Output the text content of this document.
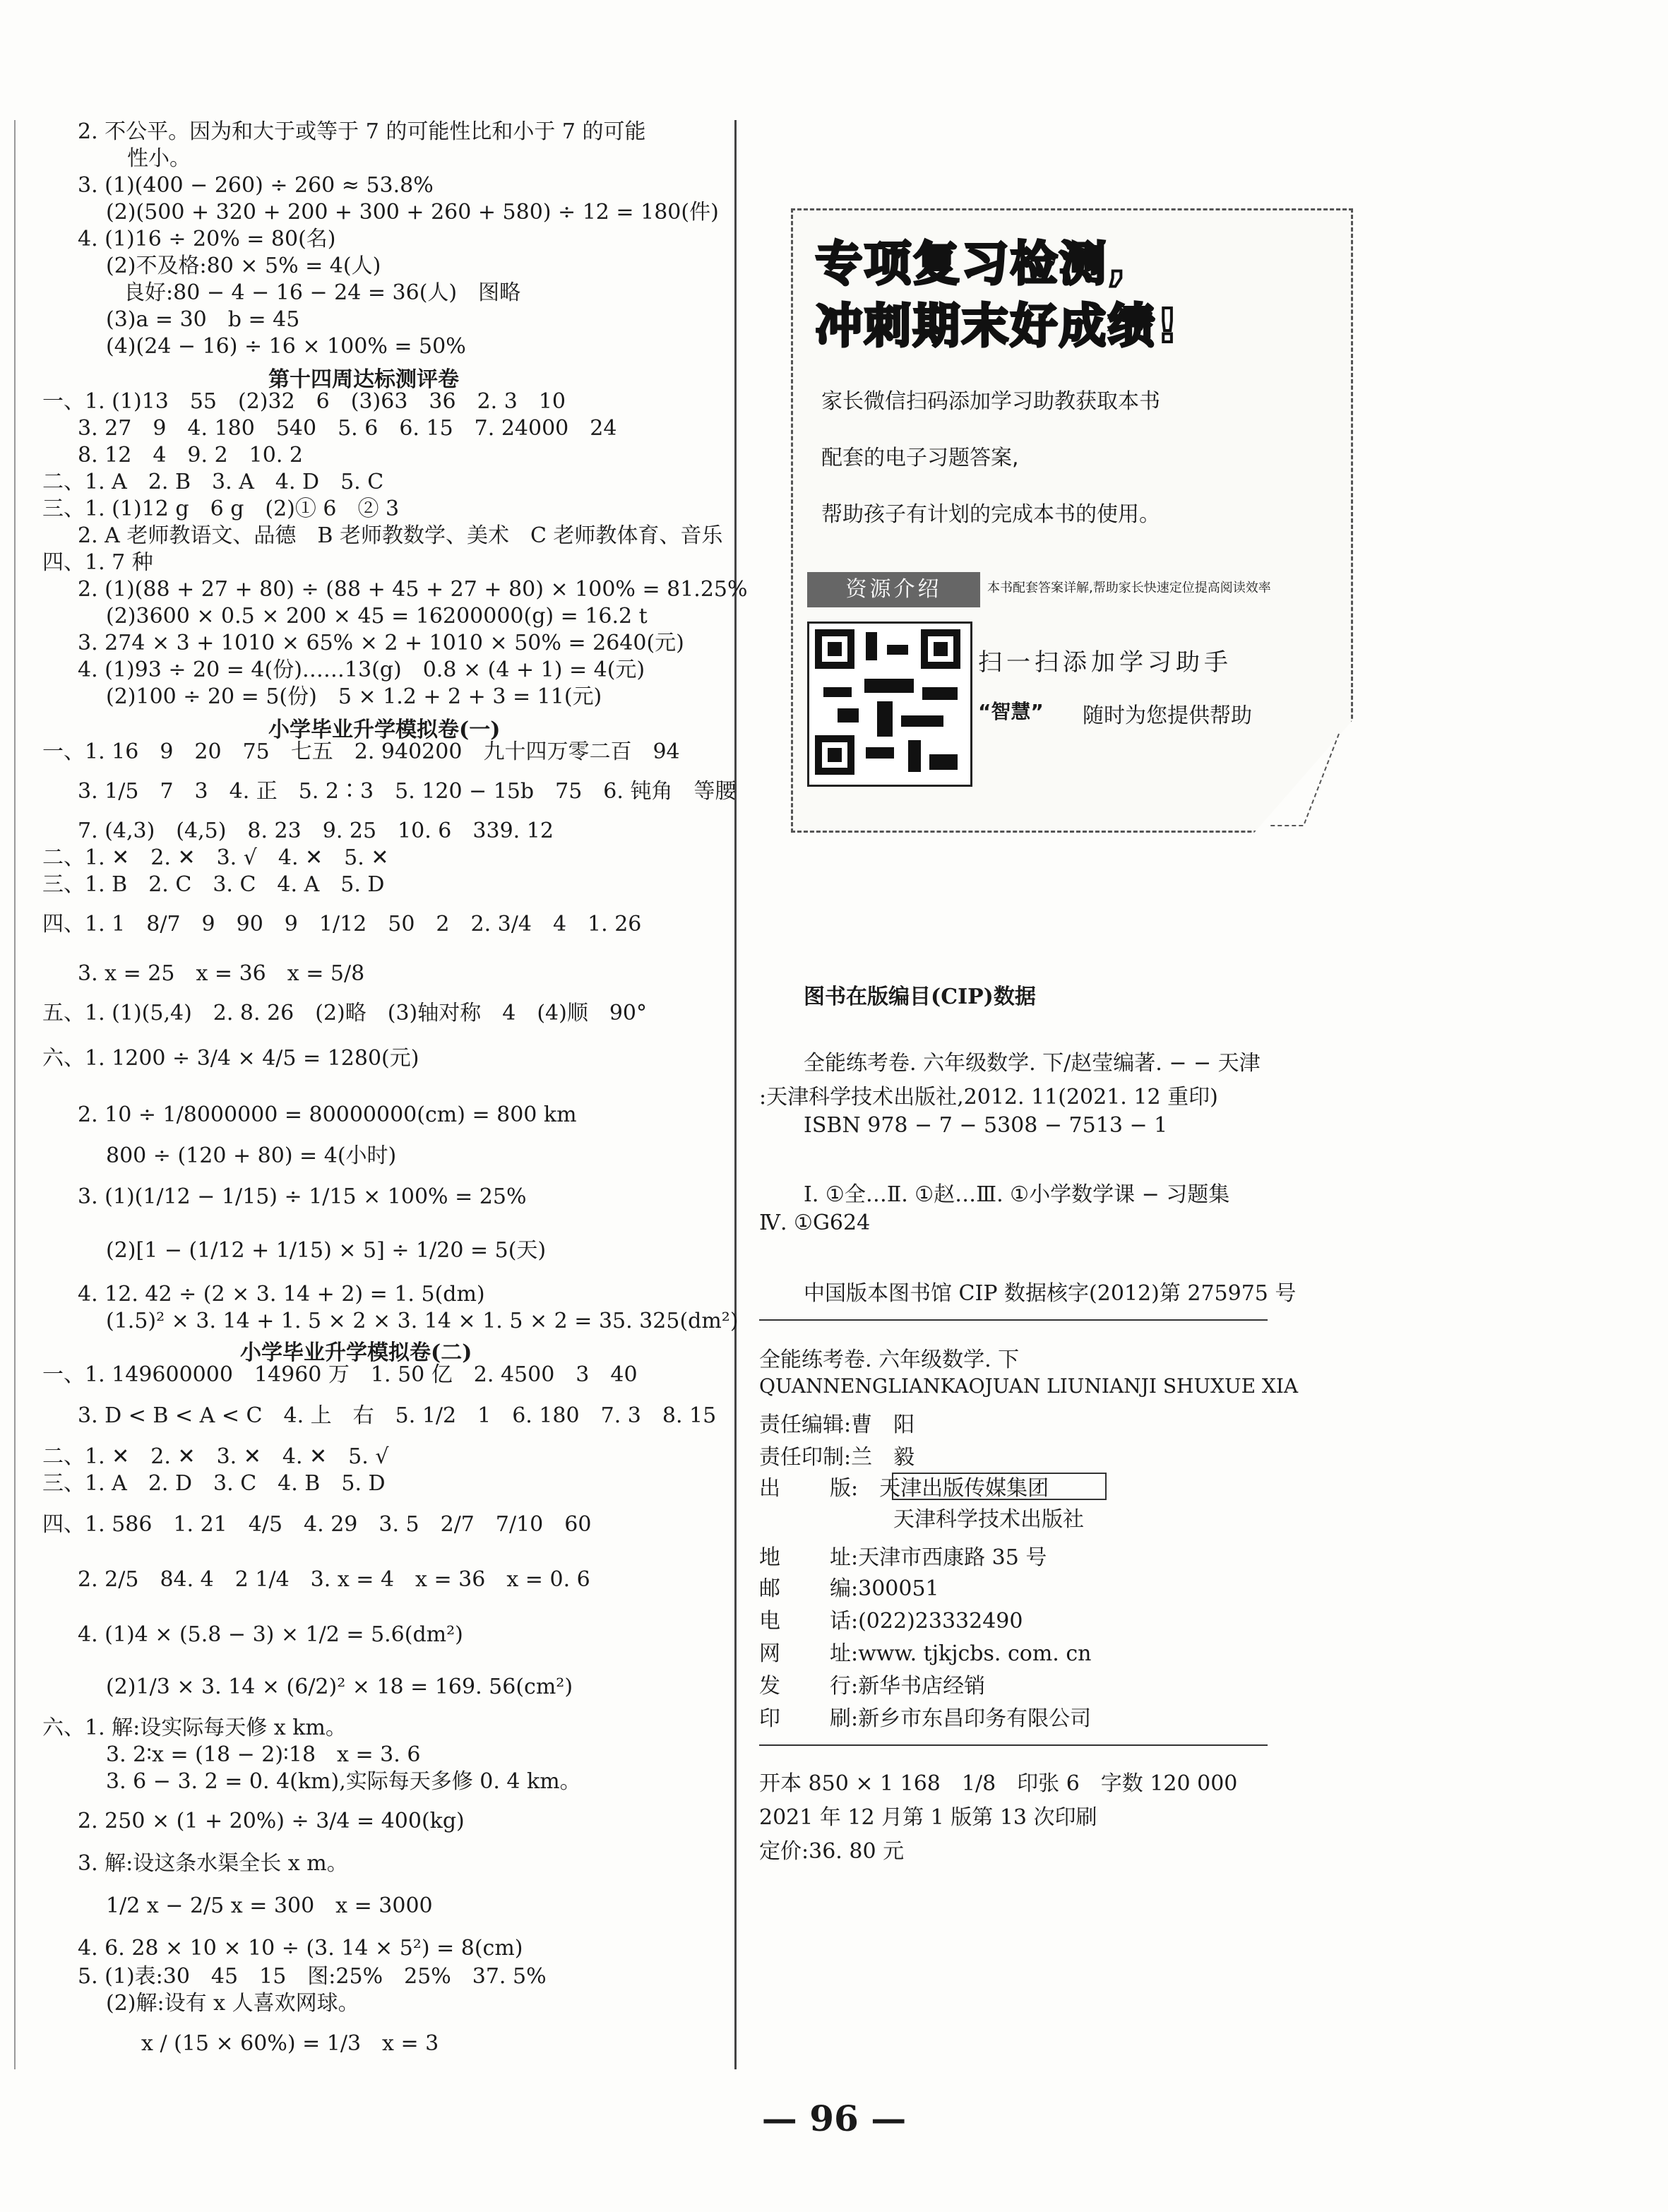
2. 不公平。因为和大于或等于 7 的可能性比和小于 7 的可能
性小。
3. (1)(400 − 260) ÷ 260 ≈ 53.8%
(2)(500 + 320 + 200 + 300 + 260 + 580) ÷ 12 = 180(件)
4. (1)16 ÷ 20% = 80(名)
(2)不及格:80 × 5% = 4(人)
良好:80 − 4 − 16 − 24 = 36(人)　图略
(3)a = 30　b = 45
(4)(24 − 16) ÷ 16 × 100% = 50%
第十四周达标测评卷
一、1. (1)13　55　(2)32　6　(3)63　36　2. 3　10
3. 27　9　4. 180　540　5. 6　6. 15　7. 24000　24
8. 12　4　9. 2　10. 2
二、1. A　2. B　3. A　4. D　5. C
三、1. (1)12 g　6 g　(2)① 6　② 3
2. A 老师教语文、品德　B 老师教数学、美术　C 老师教体育、音乐
四、1. 7 种
2. (1)(88 + 27 + 80) ÷ (88 + 45 + 27 + 80) × 100% = 81.25%
(2)3600 × 0.5 × 200 × 45 = 16200000(g) = 16.2 t
3. 274 × 3 + 1010 × 65% × 2 + 1010 × 50% = 2640(元)
4. (1)93 ÷ 20 = 4(份)……13(g)　0.8 × (4 + 1) = 4(元)
(2)100 ÷ 20 = 5(份)　5 × 1.2 + 2 + 3 = 11(元)
小学毕业升学模拟卷(一)
一、1. 16　9　20　75　七五　2. 940200　九十四万零二百　94
3. 1/5　7　3　4. 正　5. 2∶3　5. 120 − 15b　75　6. 钝角　等腰
7. (4,3)　(4,5)　8. 23　9. 25　10. 6　339. 12
二、1. ✕　2. ✕　3. √　4. ✕　5. ✕
三、1. B　2. C　3. C　4. A　5. D
四、1. 1　8/7　9　90　9　1/12　50　2　2. 3/4　4　1. 26
3. x = 25　x = 36　x = 5/8
五、1. (1)(5,4)　2. 8. 26　(2)略　(3)轴对称　4　(4)顺　90°
六、1. 1200 ÷ 3/4 × 4/5 = 1280(元)
2. 10 ÷ 1/8000000 = 80000000(cm) = 800 km
800 ÷ (120 + 80) = 4(小时)
3. (1)(1/12 − 1/15) ÷ 1/15 × 100% = 25%
(2)[1 − (1/12 + 1/15) × 5] ÷ 1/20 = 5(天)
4. 12. 42 ÷ (2 × 3. 14 + 2) = 1. 5(dm)
(1.5)² × 3. 14 + 1. 5 × 2 × 3. 14 × 1. 5 × 2 = 35. 325(dm²)
小学毕业升学模拟卷(二)
一、1. 149600000　14960 万　1. 50 亿　2. 4500　3　40
3. D < B < A < C　4. 上　右　5. 1/2　1　6. 180　7. 3　8. 15
二、1. ✕　2. ✕　3. ✕　4. ✕　5. √
三、1. A　2. D　3. C　4. B　5. D
四、1. 586　1. 21　4/5　4. 29　3. 5　2/7　7/10　60
2. 2/5　84. 4　2 1/4　3. x = 4　x = 36　x = 0. 6
4. (1)4 × (5.8 − 3) × 1/2 = 5.6(dm²)
(2)1/3 × 3. 14 × (6/2)² × 18 = 169. 56(cm²)
六、1. 解:设实际每天修 x km。
3. 2∶x = (18 − 2)∶18　x = 3. 6
3. 6 − 3. 2 = 0. 4(km),实际每天多修 0. 4 km。
2. 250 × (1 + 20%) ÷ 3/4 = 400(kg)
3. 解:设这条水渠全长 x m。
1/2 x − 2/5 x = 300　x = 3000
4. 6. 28 × 10 × 10 ÷ (3. 14 × 5²) = 8(cm)
5. (1)表:30　45　15　图:25%　25%　37. 5%
(2)解:设有 x 人喜欢网球。
x / (15 × 60%) = 1/3　x = 3
专项复习检测,
冲刺期末好成绩!
家长微信扫码添加学习助教获取本书
配套的电子习题答案,
帮助孩子有计划的完成本书的使用。
资源介绍	本书配套答案详解,帮助家长快速定位提高阅读效率
扫一扫添加学习助手
“智慧” 随时为您提供帮助
图书在版编目(CIP)数据
全能练考卷. 六年级数学. 下/赵莹编著. − − 天津
:天津科学技术出版社,2012. 11(2021. 12 重印)
ISBN 978 − 7 − 5308 − 7513 − 1
Ⅰ. ①全…Ⅱ. ①赵…Ⅲ. ①小学数学课 − 习题集
Ⅳ. ①G624
中国版本图书馆 CIP 数据核字(2012)第 275975 号
全能练考卷. 六年级数学. 下
QUANNENGLIANKAOJUAN LIUNIANJI SHUXUE XIA
责任编辑:曹　阳
责任印制:兰　毅
出　版:　天津出版传媒集团
　　　　　天津科学技术出版社
地　址:天津市西康路 35 号
邮　编:300051
电　话:(022)23332490
网　址:www. tjkjcbs. com. cn
发　行:新华书店经销
印　刷:新乡市东昌印务有限公司
开本 850 × 1 168　1/8　印张 6　字数 120 000
2021 年 12 月第 1 版第 13 次印刷
定价:36. 80 元
— 96 —
